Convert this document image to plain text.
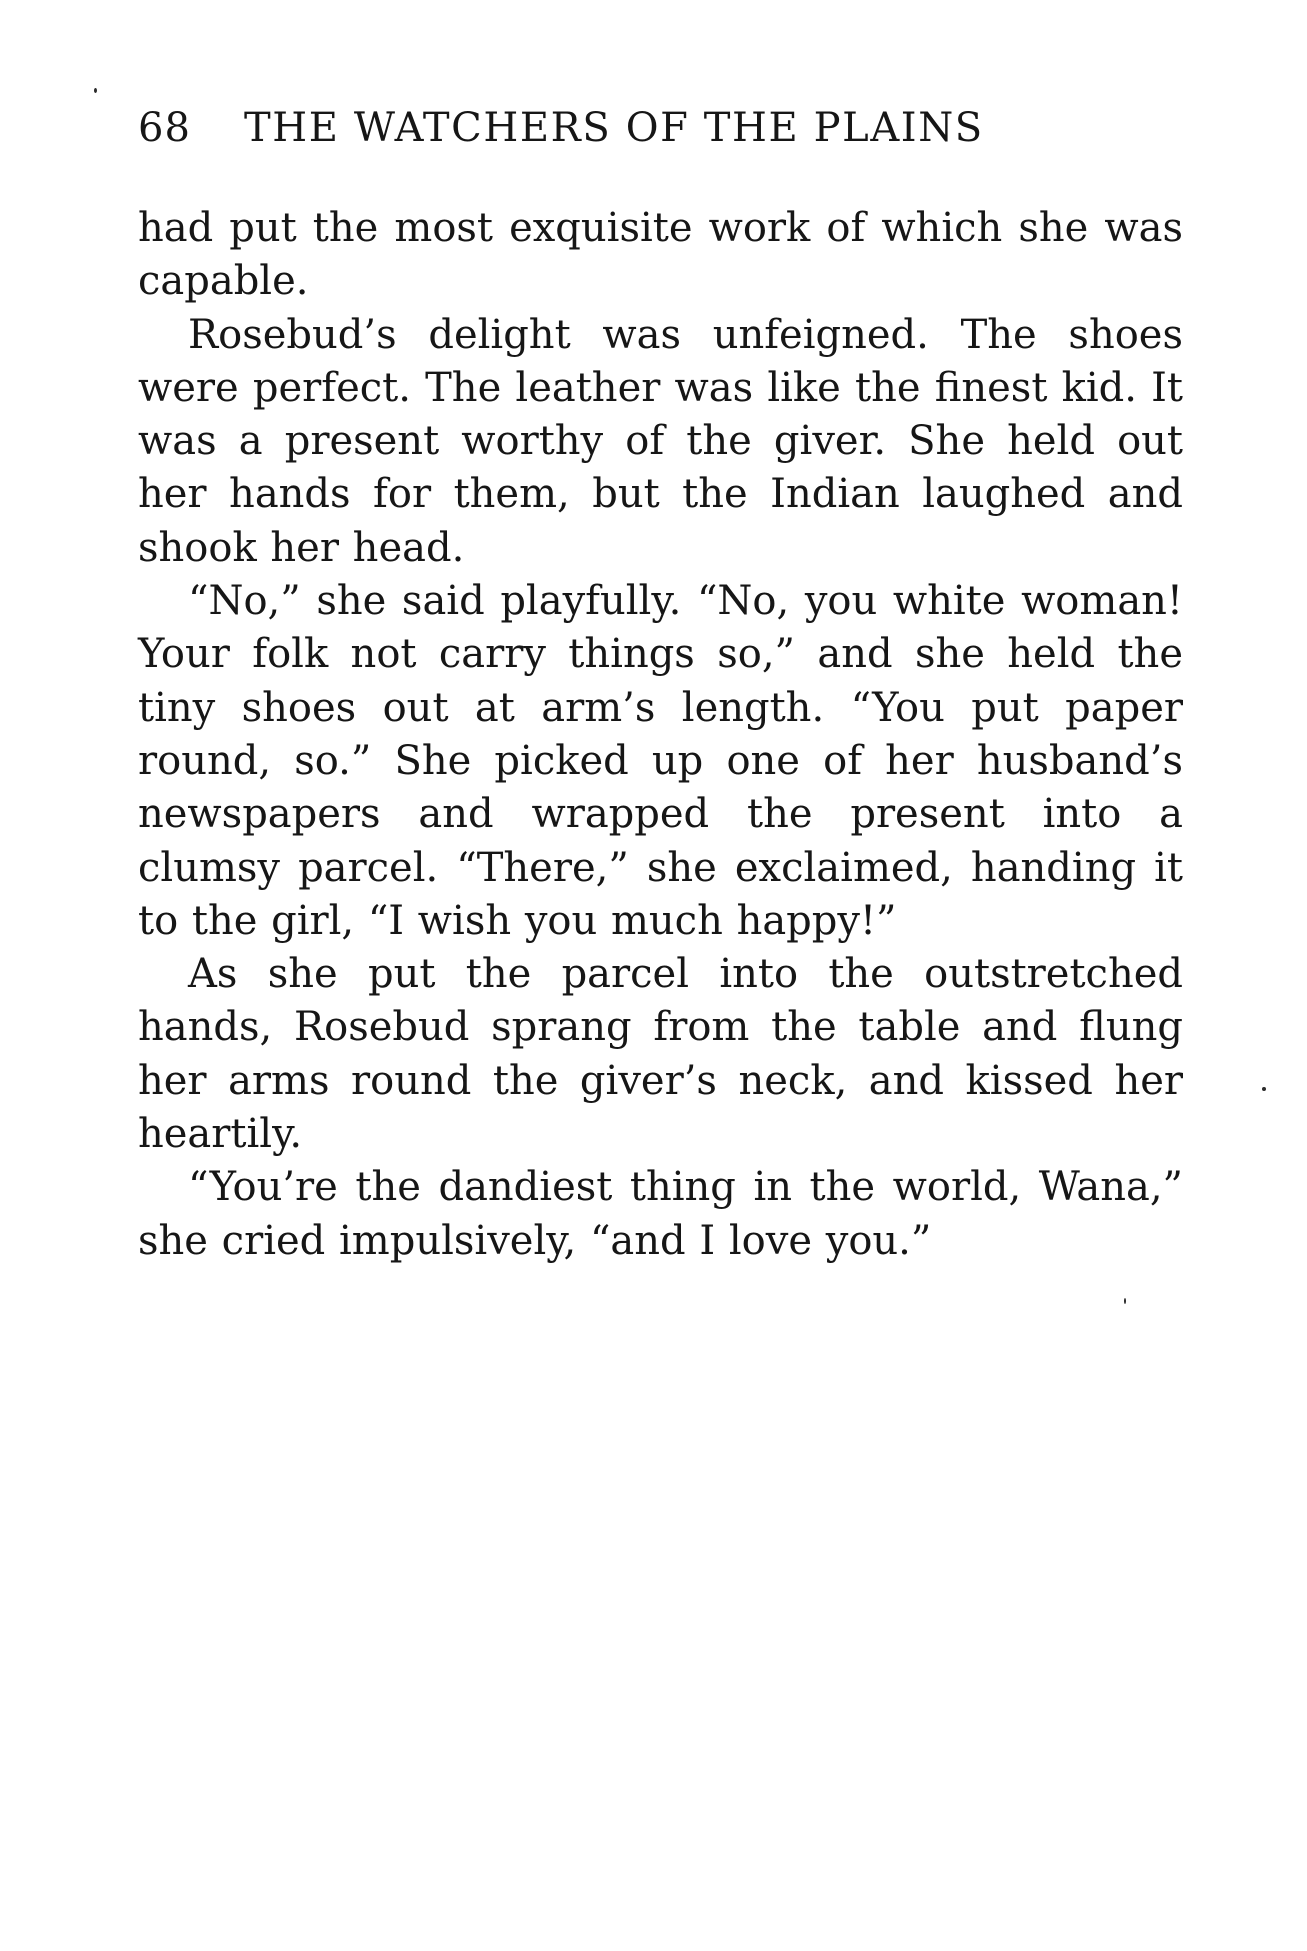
68	THE WATCHERS OF THE PLAINS

had put the most exquisite work of which she was capable.

Rosebud’s delight was unfeigned. The shoes were perfect. The leather was like the finest kid. It was a present worthy of the giver. She held out her hands for them, but the Indian laughed and shook her head.

“No,” she said playfully. “No, you white woman! Your folk not carry things so,” and she held the tiny shoes out at arm’s length. “You put paper round, so.” She picked up one of her husband’s newspapers and wrapped the present into a clumsy parcel. “There,” she exclaimed, handing it to the girl, “I wish you much happy!”

As she put the parcel into the outstretched hands, Rosebud sprang from the table and flung her arms round the giver’s neck, and kissed her heartily.

“You’re the dandiest thing in the world, Wana,” she cried impulsively, “and I love you.”
